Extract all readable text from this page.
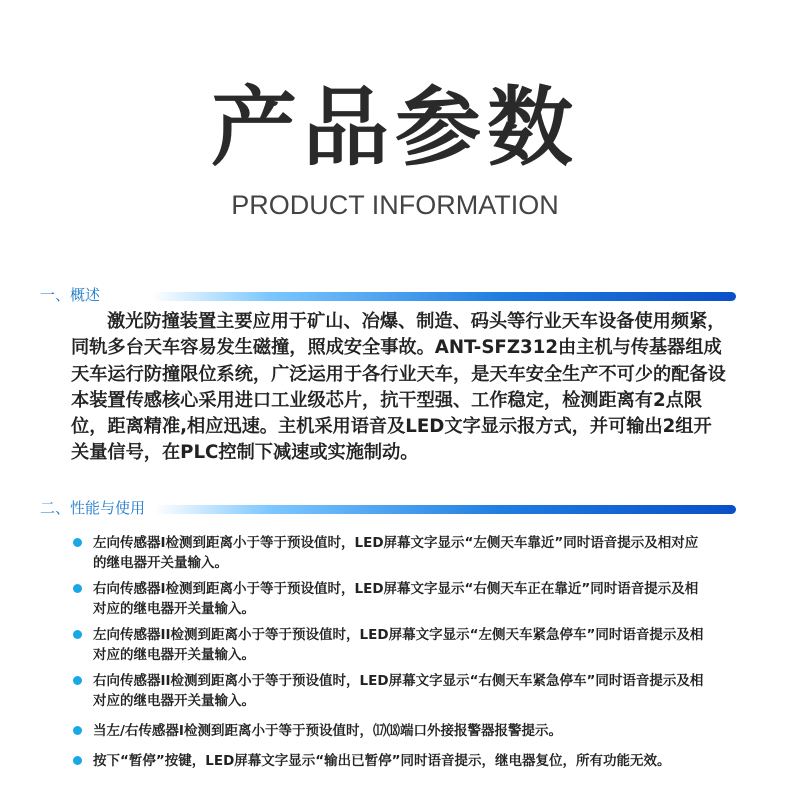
产品参数
PRODUCT INFORMATION
一、概述
激光防撞装置主要应用于矿山、冶爆、制造、码头等行业天车设备使用频紧，同轨多台天车容易发生磁撞，照成安全事故。ANT-SFZ312由主机与传基器组成天车运行防撞限位系统，广泛运用于各行业天车，是天车安全生产不可少的配备设本装置传感核心采用进口工业级芯片，抗干型强、工作稳定，检测距离有2点限位，距离精准,相应迅速。主机采用语音及LED文字显示报方式，并可输出2组开关量信号，在PLC控制下减速或实施制动。
二、性能与使用
左向传感器I检测到距离小于等于预设值时，LED屏幕文字显示“左侧天车靠近”同时语音提示及相对应的继电器开关量输入。
右向传感器I检测到距离小于等于预设值时，LED屏幕文字显示“右侧天车正在靠近”同时语音提示及相对应的继电器开关量输入。
左向传感器II检测到距离小于等于预设值时，LED屏幕文字显示“左侧天车紧急停车”同时语音提示及相对应的继电器开关量输入。
右向传感器II检测到距离小于等于预设值时，LED屏幕文字显示“右侧天车紧急停车”同时语音提示及相对应的继电器开关量输入。
当左/右传感器I检测到距离小于等于预设值时，⒄⒅端口外接报警器报警提示。
按下“暂停”按键，LED屏幕文字显示“输出已暂停”同时语音提示，继电器复位，所有功能无效。
